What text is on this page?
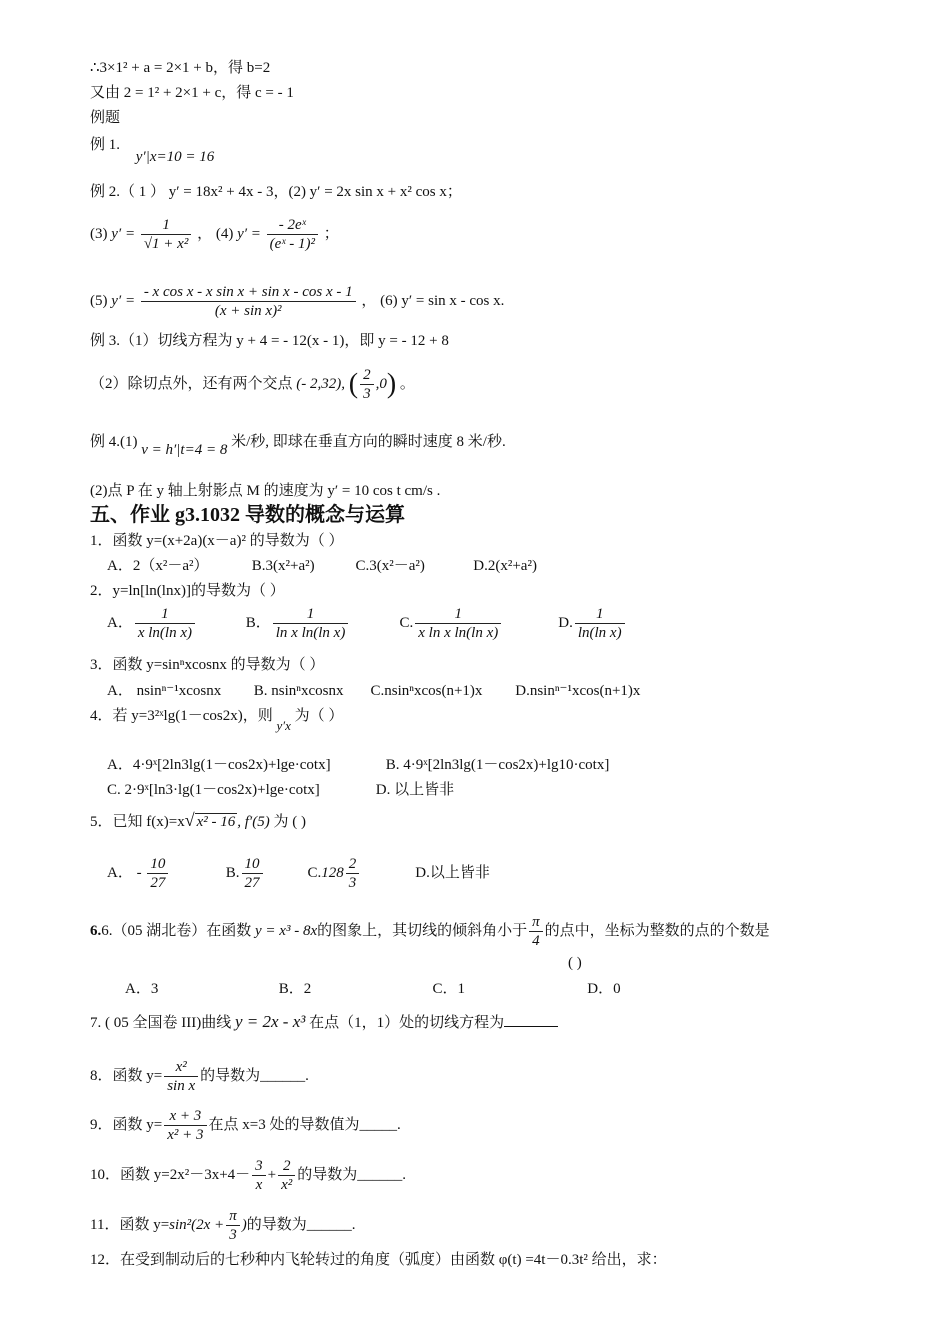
∴3×1² + a = 2×1 + b，得 b=2
又由 2 = 1² + 2×1 + c，得 c = - 1
例题
例 1. y′|x=10 = 16
例 2.（ 1 ） y′ = 18x² + 4x - 3，(2) y′ = 2x sin x + x² cos x；
(3) $y' = \frac{1}{\text{√1 + x²}}$ ， (4) $y' = \frac{\text{- 2eˣ}}{\text{(eˣ - 1)²}}$ ；
(5) $y' = \frac{\text{- x cos x - x sin x + sin x - cos x - 1}}{\text{(x + sin x)²}}$ ， (6) y′ = sin x - cos x.
例 3.（1）切线方程为 y + 4 = - 12(x - 1)，即 y = - 12 + 8
（2）除切点外，还有两个交点 (- 2,32), ( $\frac{2}{3} ,0$) 。
例 4.(1) v = h′|t=4 = 8 米/秒, 即球在垂直方向的瞬时速度 8 米/秒.
(2)点 P 在 y 轴上射影点 M 的速度为 y′ = 10 cos t cm/s .
五、作业 g3.1032 导数的概念与运算
1．函数 y=(x+2a)(x－a)² 的导数为（ ）
A．2（x²－a²）	B.3(x²+a²)	C.3(x²－a²)	D.2(x²+a²)
2．y=ln[ln(lnx)]的导数为（ ）
A． $\frac{1}{\text{x ln(ln x)}}$	B． $\frac{1}{\text{ln x ln(ln x)}}$	C. $\frac{1}{\text{x ln x ln(ln x)}}$	D. $\frac{1}{\text{ln(ln x)}}$
3．函数 y=sinⁿxcosnx 的导数为（ ）
A． nsinⁿ⁻¹xcosnx B. nsinⁿxcosnx C.nsinⁿxcos(n+1)x D.nsinⁿ⁻¹xcos(n+1)x
4．若 y=3²ˣlg(1－cos2x)，则 y′x 为（ ）
A．4·9ˣ[2ln3lg(1－cos2x)+lge·cotx]	B. 4·9ˣ[2ln3lg(1－cos2x)+lg10·cotx]
C. 2·9ˣ[ln3·lg(1－cos2x)+lge·cotx]	D. 以上皆非
5．已知 f(x)=x√ x² - 16 , f′(5) 为 ( )
A． - $\frac{10}{27}$	B. $\frac{10}{27}$	$C.128 \frac{2}{3}$	D.以上皆非
6.6.（05 湖北卷）在函数 y = x³ - 8x的图象上，其切线的倾斜角小于 $\frac{\pi}{4}$ 的点中，坐标为整数的点的个数是
( )
A．3	B．2	C．1	D．0
7. ( 05 全国卷 III)曲线 y = 2x - x³ 在点（1，1）处的切线方程为
8．函数 $y= \frac{\text{x²}}{\text{sin x}}$ 的导数为______.
9．函数 $y= \frac{x + 3}{\text{x² + 3}}$ 在点 x=3 处的导数值为_____.
10．函数 $y=2x^2-3x+4- \frac{3}{x} + \frac{2}{\text{x²}}$ 的导数为______.
11．函数 $y=\sin^2(2x + \frac{\pi}{3}$ )的导数为______.
12．在受到制动后的七秒种内飞轮转过的角度（弧度）由函数 φ(t) =4t－0.3t² 给出，求：
